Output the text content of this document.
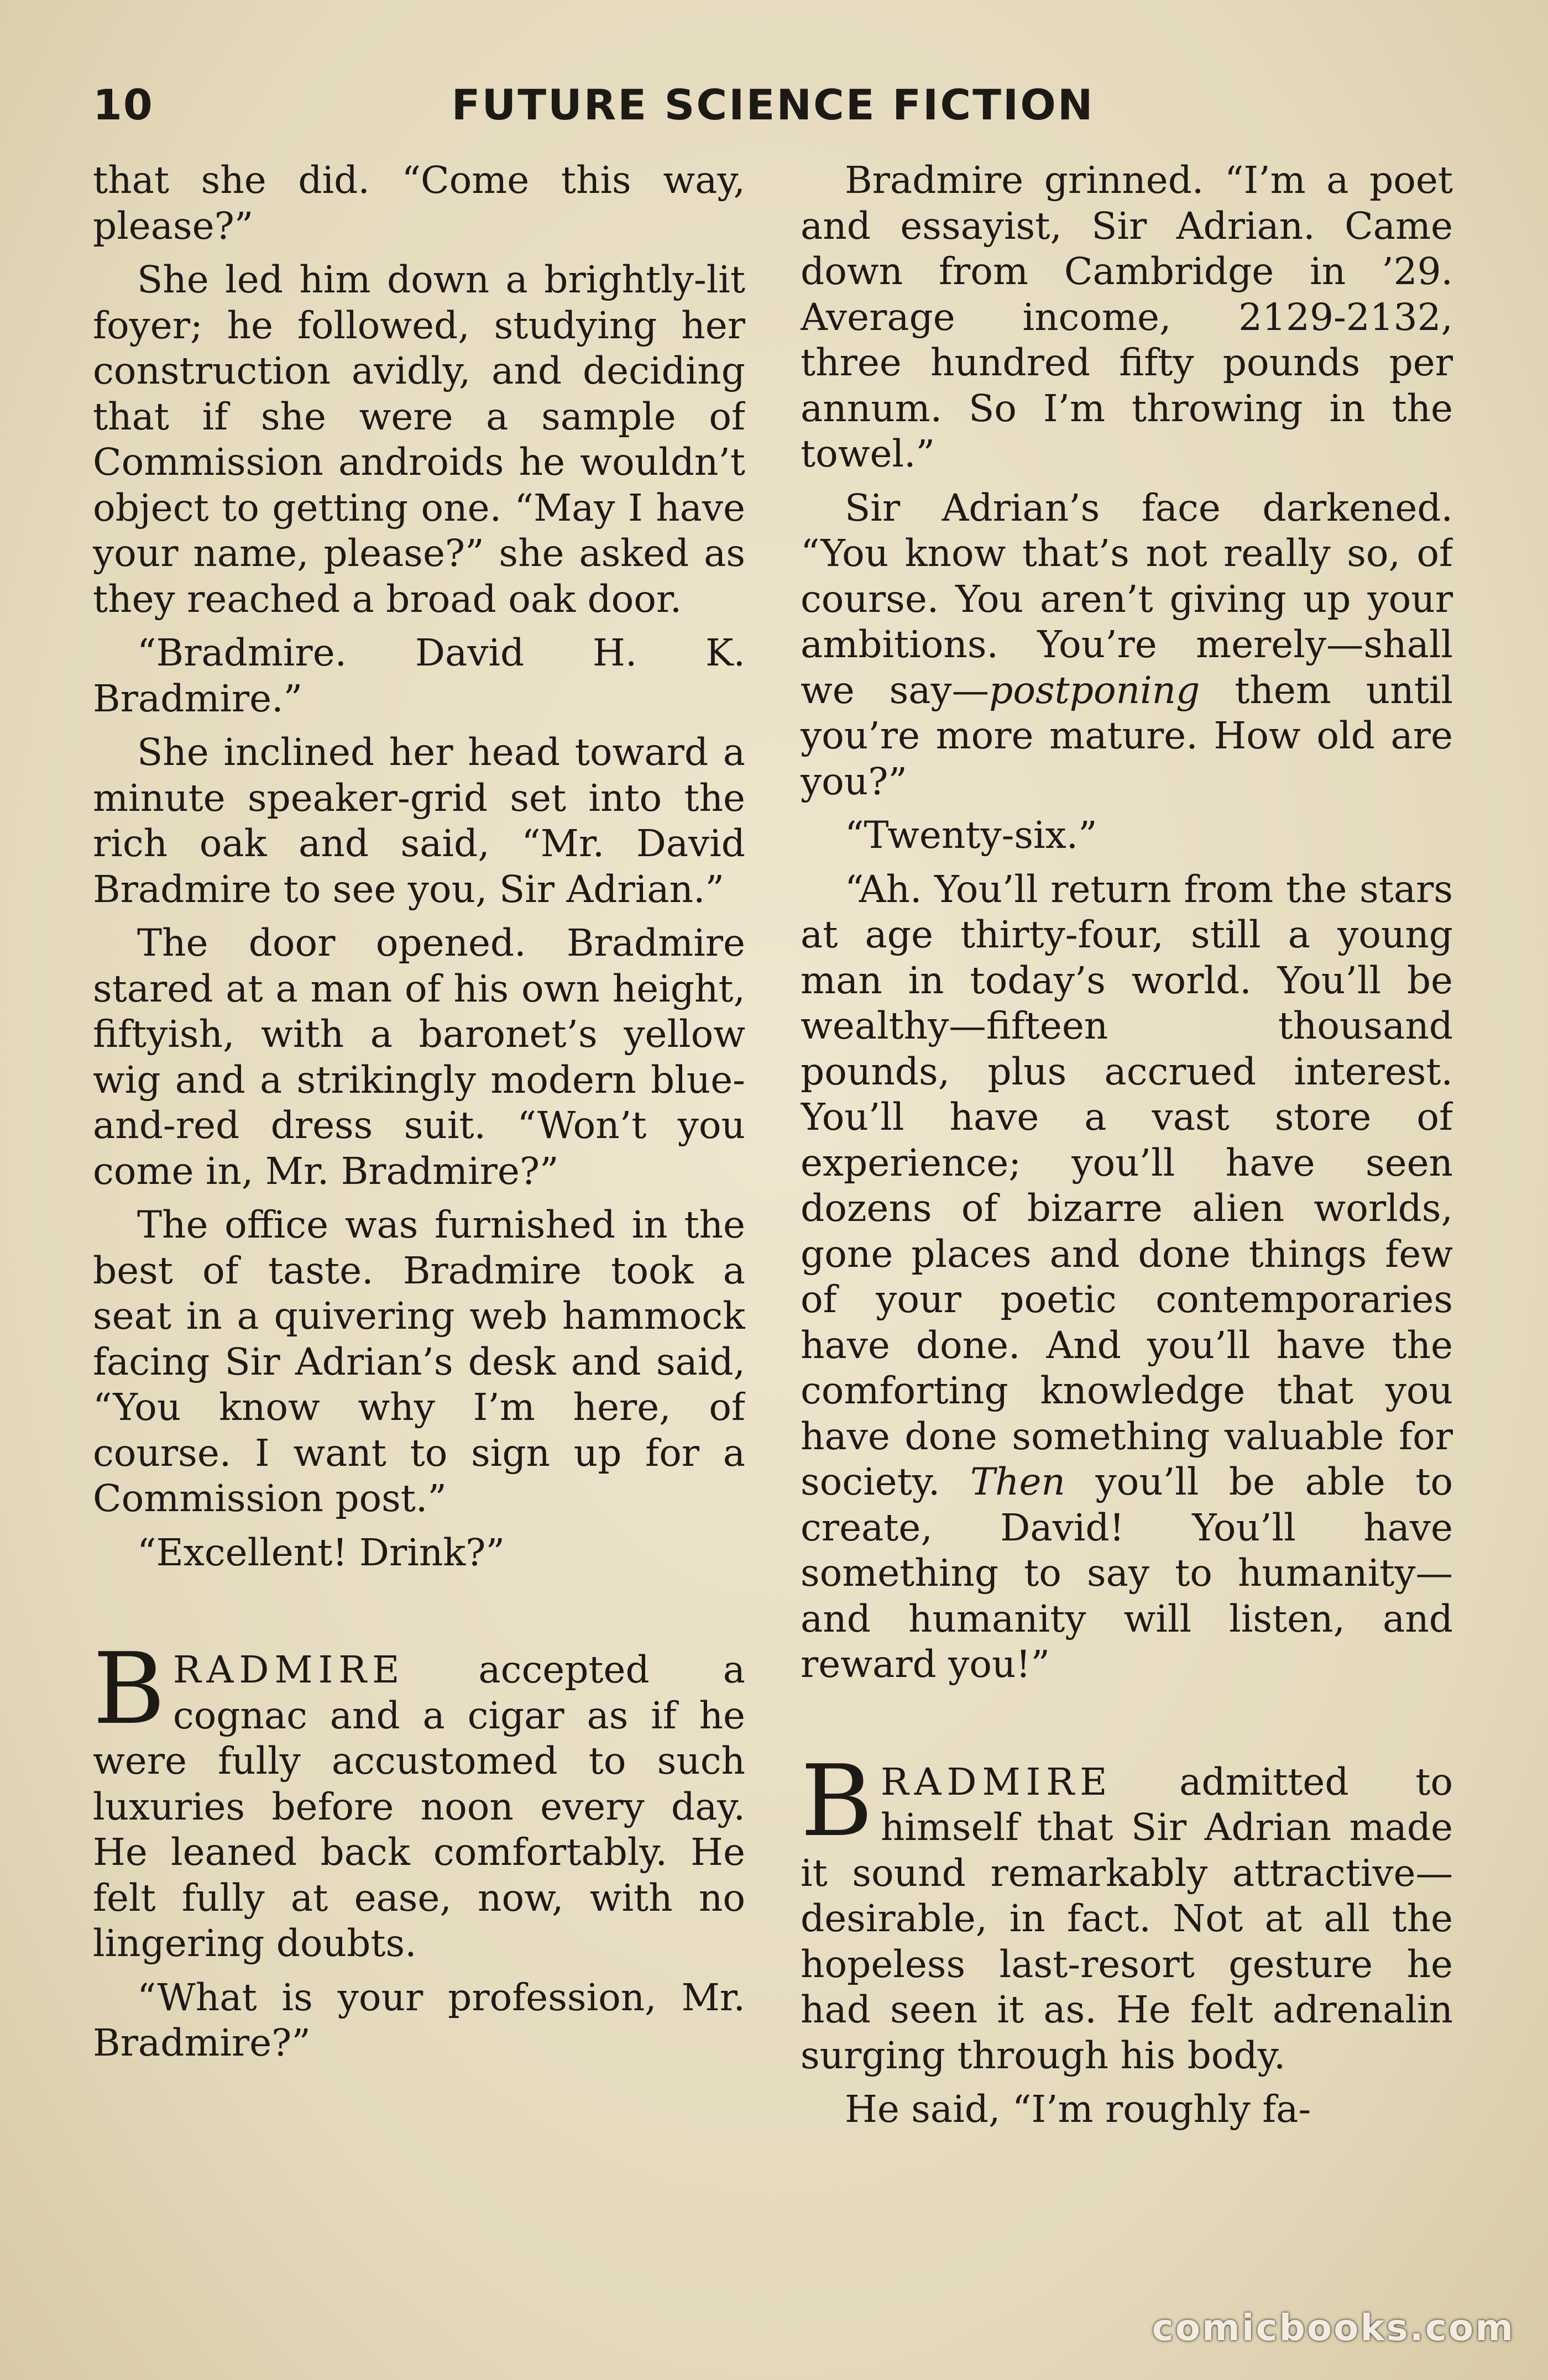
10	FUTURE SCIENCE FICTION

that she did. “Come this way, please?”

She led him down a brightly-lit foyer; he followed, studying her construction avidly, and deciding that if she were a sample of Commission androids he wouldn’t object to getting one. “May I have your name, please?” she asked as they reached a broad oak door.

“Bradmire. David H. K. Bradmire.”

She inclined her head toward a minute speaker-grid set into the rich oak and said, “Mr. David Bradmire to see you, Sir Adrian.”

The door opened. Bradmire stared at a man of his own height, fiftyish, with a baronet’s yellow wig and a strikingly modern blue-and-red dress suit. “Won’t you come in, Mr. Bradmire?”

The office was furnished in the best of taste. Bradmire took a seat in a quivering web hammock facing Sir Adrian’s desk and said, “You know why I’m here, of course. I want to sign up for a Commission post.”

“Excellent! Drink?”

BRADMIRE accepted a cognac and a cigar as if he were fully accustomed to such luxuries before noon every day. He leaned back comfortably. He felt fully at ease, now, with no lingering doubts.

“What is your profession, Mr. Bradmire?”

Bradmire grinned. “I’m a poet and essayist, Sir Adrian. Came down from Cambridge in ’29. Average income, 2129-2132, three hundred fifty pounds per annum. So I’m throwing in the towel.”

Sir Adrian’s face darkened. “You know that’s not really so, of course. You aren’t giving up your ambitions. You’re merely—shall we say—postponing them until you’re more mature. How old are you?”

“Twenty-six.”

“Ah. You’ll return from the stars at age thirty-four, still a young man in today’s world. You’ll be wealthy—fifteen thousand pounds, plus accrued interest. You’ll have a vast store of experience; you’ll have seen dozens of bizarre alien worlds, gone places and done things few of your poetic contemporaries have done. And you’ll have the comforting knowledge that you have done something valuable for society. Then you’ll be able to create, David! You’ll have something to say to humanity—and humanity will listen, and reward you!”

BRADMIRE admitted to himself that Sir Adrian made it sound remarkably attractive—desirable, in fact. Not at all the hopeless last-resort gesture he had seen it as. He felt adrenalin surging through his body.

He said, “I’m roughly fa-

comicbooks.com
